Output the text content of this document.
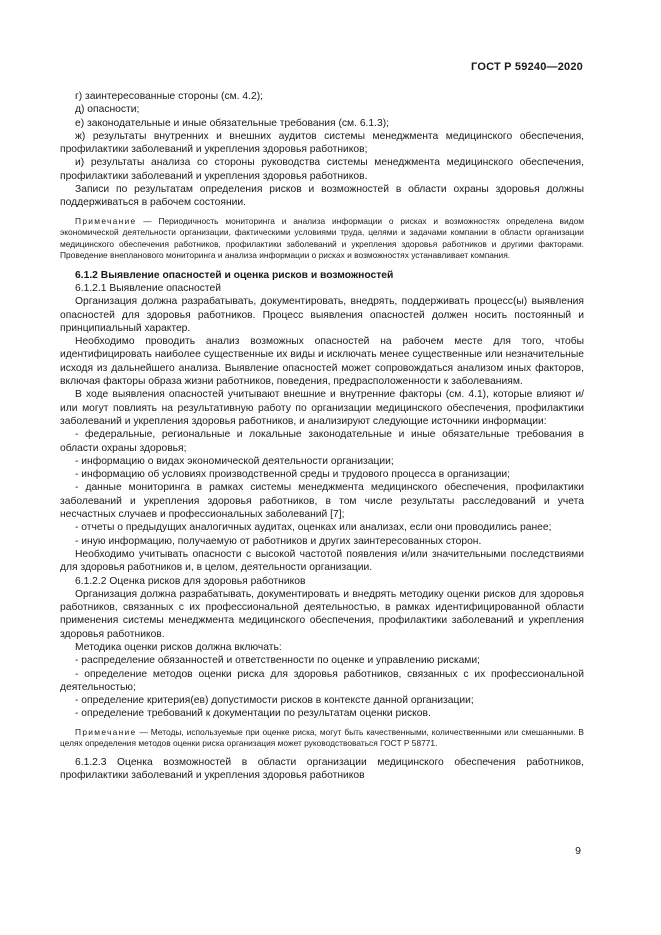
ГОСТ Р 59240—2020

г) заинтересованные стороны (см. 4.2);

д) опасности;

е) законодательные и иные обязательные требования (см. 6.1.3);

ж) результаты внутренних и внешних аудитов системы менеджмента медицинского обеспечения, профилактики заболеваний и укрепления здоровья работников;

и) результаты анализа со стороны руководства системы менеджмента медицинского обеспечения, профилактики заболеваний и укрепления здоровья работников.

Записи по результатам определения рисков и возможностей в области охраны здоровья должны поддерживаться в рабочем состоянии.

Примечание — Периодичность мониторинга и анализа информации о рисках и возможностях определена видом экономической деятельности организации, фактическими условиями труда, целями и задачами компании в области организации медицинского обеспечения работников, профилактики заболеваний и укрепления здоровья работников и другими факторами. Проведение внепланового мониторинга и анализа информации о рисках и возможностях устанавливает компания.

6.1.2 Выявление опасностей и оценка рисков и возможностей

6.1.2.1 Выявление опасностей

Организация должна разрабатывать, документировать, внедрять, поддерживать процесс(ы) выявления опасностей для здоровья работников. Процесс выявления опасностей должен носить постоянный и принципиальный характер.

Необходимо проводить анализ возможных опасностей на рабочем месте для того, чтобы идентифицировать наиболее существенные их виды и исключать менее существенные или незначительные исходя из дальнейшего анализа. Выявление опасностей может сопровождаться анализом иных факторов, включая факторы образа жизни работников, поведения, предрасположенности к заболеваниям.

В ходе выявления опасностей учитывают внешние и внутренние факторы (см. 4.1), которые влияют и/или могут повлиять на результативную работу по организации медицинского обеспечения, профилактики заболеваний и укрепления здоровья работников, и анализируют следующие источники информации:

- федеральные, региональные и локальные законодательные и иные обязательные требования в области охраны здоровья;

- информацию о видах экономической деятельности организации;

- информацию об условиях производственной среды и трудового процесса в организации;

- данные мониторинга в рамках системы менеджмента медицинского обеспечения, профилактики заболеваний и укрепления здоровья работников, в том числе результаты расследований и учета несчастных случаев и профессиональных заболеваний [7];

- отчеты о предыдущих аналогичных аудитах, оценках или анализах, если они проводились ранее;

- иную информацию, получаемую от работников и других заинтересованных сторон.

Необходимо учитывать опасности с высокой частотой появления и/или значительными последствиями для здоровья работников и, в целом, деятельности организации.

6.1.2.2 Оценка рисков для здоровья работников

Организация должна разрабатывать, документировать и внедрять методику оценки рисков для здоровья работников, связанных с их профессиональной деятельностью, в рамках идентифицированной области применения системы менеджмента медицинского обеспечения, профилактики заболеваний и укрепления здоровья работников.

Методика оценки рисков должна включать:

- распределение обязанностей и ответственности по оценке и управлению рисками;

- определение методов оценки риска для здоровья работников, связанных с их профессиональной деятельностью;

- определение критерия(ев) допустимости рисков в контексте данной организации;

- определение требований к документации по результатам оценки рисков.

Примечание — Методы, используемые при оценке риска, могут быть качественными, количественными или смешанными. В целях определения методов оценки риска организация может руководствоваться ГОСТ Р 58771.

6.1.2.3 Оценка возможностей в области организации медицинского обеспечения работников, профилактики заболеваний и укрепления здоровья работников

9
